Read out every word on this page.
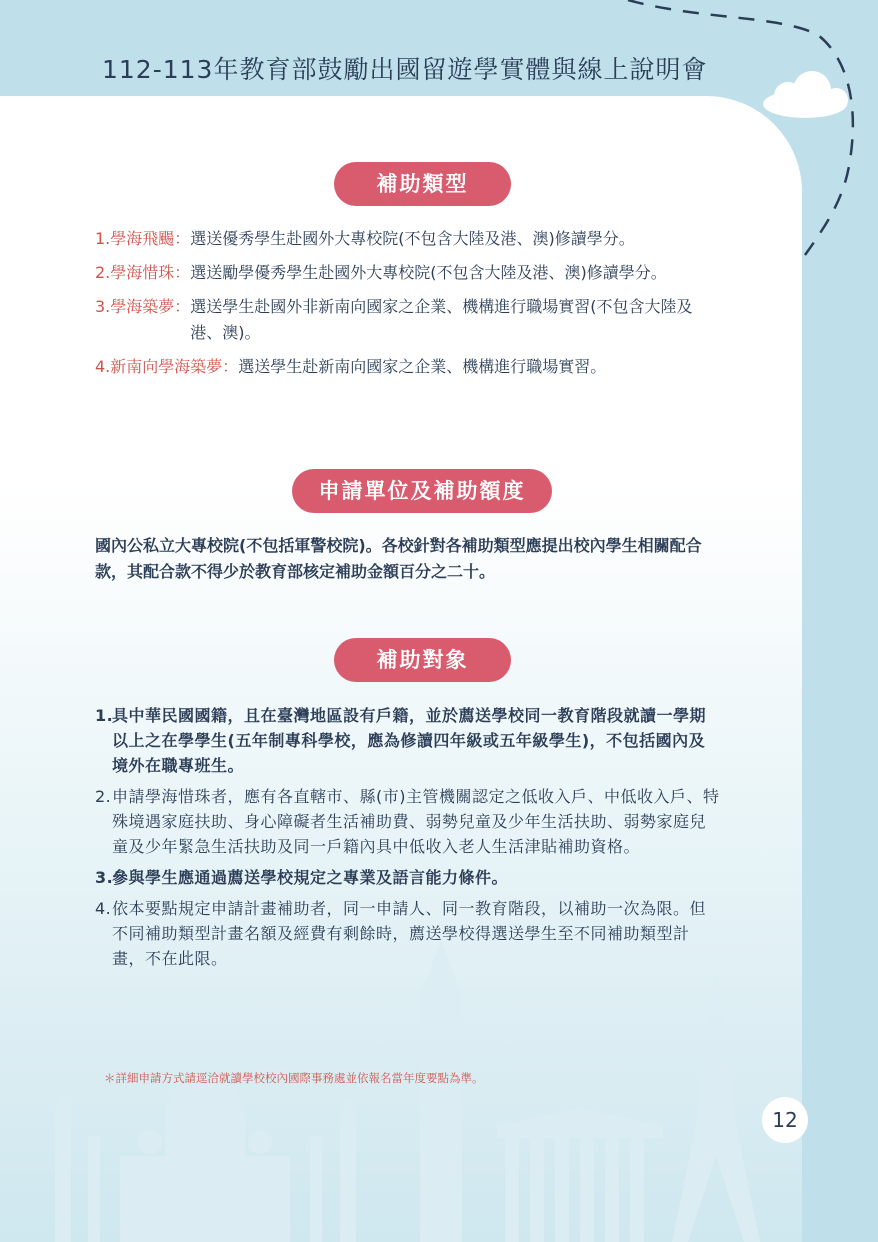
112-113年教育部鼓勵出國留遊學實體與線上說明會
補助類型
1.學海飛颺： 選送優秀學生赴國外大專校院(不包含大陸及港、澳)修讀學分。
2.學海惜珠： 選送勵學優秀學生赴國外大專校院(不包含大陸及港、澳)修讀學分。
3.學海築夢： 選送學生赴國外非新南向國家之企業、機構進行職場實習(不包含大陸及港、澳)。
4.新南向學海築夢： 選送學生赴新南向國家之企業、機構進行職場實習。
申請單位及補助額度
國內公私立大專校院(不包括軍警校院)。各校針對各補助類型應提出校內學生相關配合款，其配合款不得少於教育部核定補助金額百分之二十。
補助對象
1.
具中華民國國籍，且在臺灣地區設有戶籍，並於薦送學校同一教育階段就讀一學期以上之在學學生(五年制專科學校，應為修讀四年級或五年級學生)，不包括國內及境外在職專班生。
2. 申請學海惜珠者，應有各直轄市、縣(市)主管機關認定之低收入戶、中低收入戶、特殊境遇家庭扶助、身心障礙者生活補助費、弱勢兒童及少年生活扶助、弱勢家庭兒童及少年緊急生活扶助及同一戶籍內具中低收入老人生活津貼補助資格。
3.
參與學生應通過薦送學校規定之專業及語言能力條件。
4. 依本要點規定申請計畫補助者，同一申請人、同一教育階段，以補助一次為限。但不同補助類型計畫名額及經費有剩餘時，薦送學校得選送學生至不同補助類型計畫，不在此限。
＊詳細申請方式請逕洽就讀學校校內國際事務處並依報名當年度要點為準。
12
